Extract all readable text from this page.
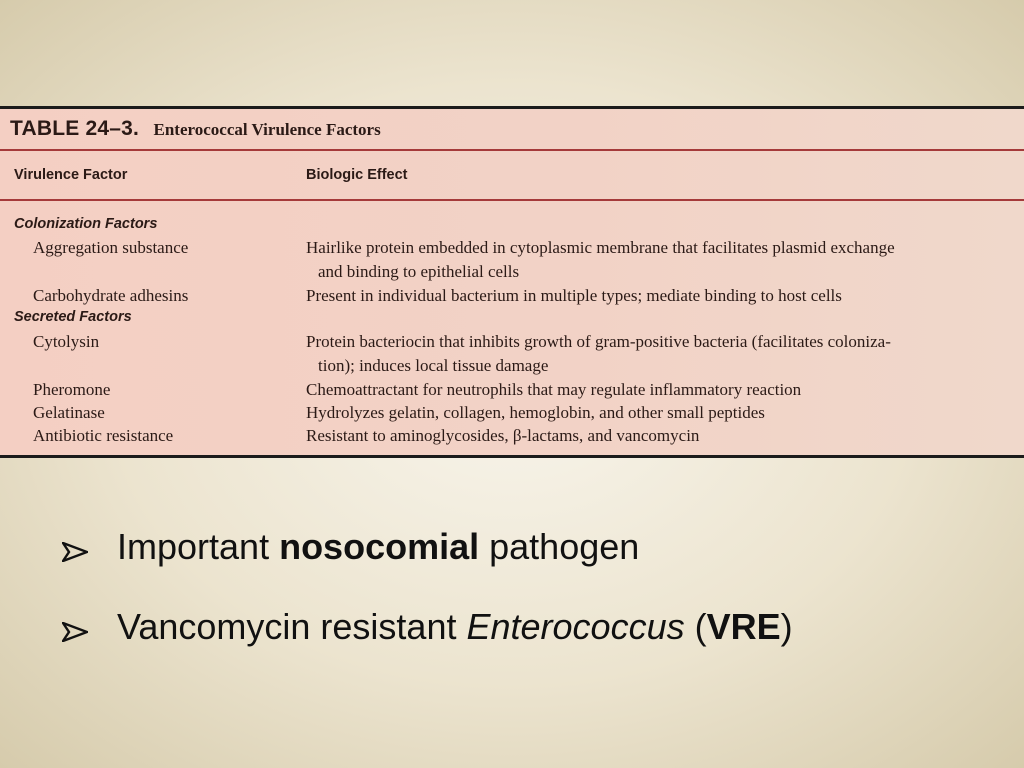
TABLE 24–3. Enterococcal Virulence Factors
Virulence Factor	Biologic Effect
Colonization Factors
Aggregation substance	Hairlike protein embedded in cytoplasmic membrane that facilitates plasmid exchange
and binding to epithelial cells
Carbohydrate adhesins	Present in individual bacterium in multiple types; mediate binding to host cells
Secreted Factors
Cytolysin	Protein bacteriocin that inhibits growth of gram-positive bacteria (facilitates coloniza-
tion); induces local tissue damage
Pheromone	Chemoattractant for neutrophils that may regulate inflammatory reaction
Gelatinase	Hydrolyzes gelatin, collagen, hemoglobin, and other small peptides
Antibiotic resistance	Resistant to aminoglycosides, β-lactams, and vancomycin
Important nosocomial pathogen
Vancomycin resistant Enterococcus (VRE)
